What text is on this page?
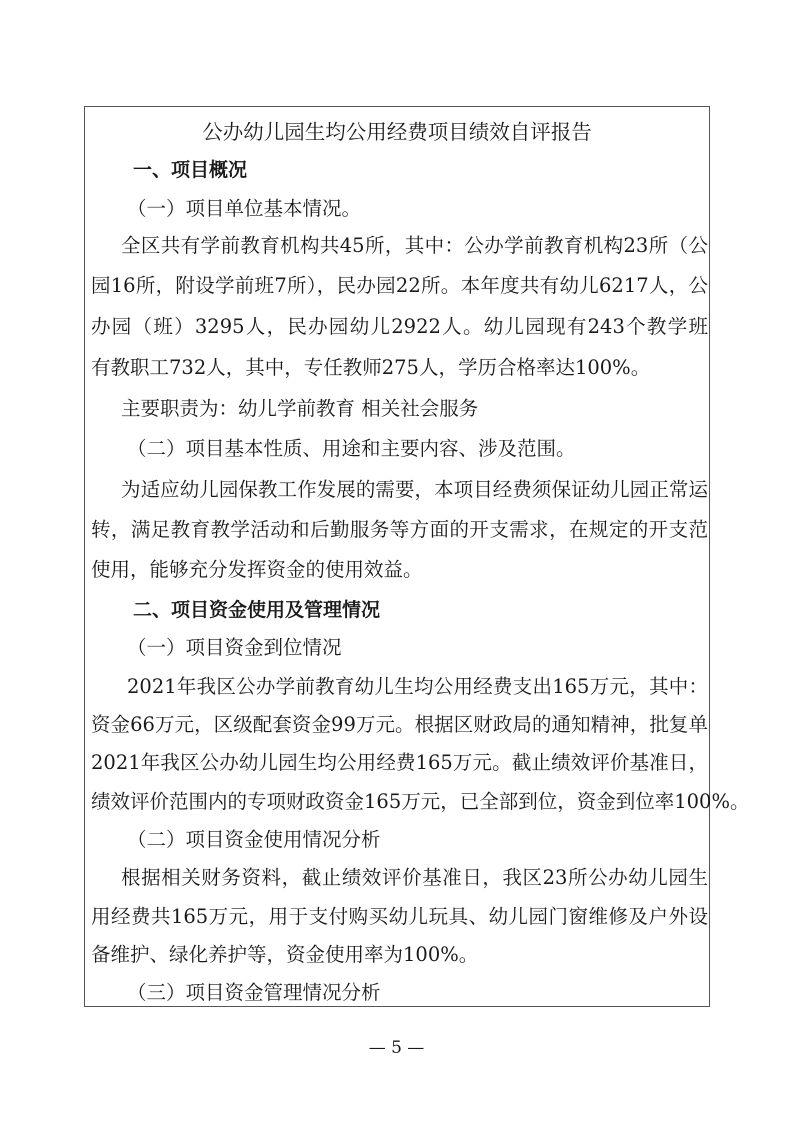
公办幼儿园生均公用经费项目绩效自评报告
一、项目概况
（一）项目单位基本情况。
全区共有学前教育机构共45所，其中：公办学前教育机构23所（公
园16所，附设学前班7所），民办园22所。本年度共有幼儿6217人，公
办园（班）3295人，民办园幼儿2922人。幼儿园现有243个教学班
有教职工732人，其中，专任教师275人，学历合格率达100%。
主要职责为：幼儿学前教育 相关社会服务
（二）项目基本性质、用途和主要内容、涉及范围。
为适应幼儿园保教工作发展的需要，本项目经费须保证幼儿园正常运
转，满足教育教学活动和后勤服务等方面的开支需求，在规定的开支范
使用，能够充分发挥资金的使用效益。
二、项目资金使用及管理情况
（一）项目资金到位情况
2021年我区公办学前教育幼儿生均公用经费支出165万元，其中：
资金66万元，区级配套资金99万元。根据区财政局的通知精神，批复单
2021年我区公办幼儿园生均公用经费165万元。截止绩效评价基准日，
绩效评价范围内的专项财政资金165万元，已全部到位，资金到位率100%。
（二）项目资金使用情况分析
根据相关财务资料，截止绩效评价基准日，我区23所公办幼儿园生
用经费共165万元，用于支付购买幼儿玩具、幼儿园门窗维修及户外设
备维护、绿化养护等，资金使用率为100%。
（三）项目资金管理情况分析
— 5 —
